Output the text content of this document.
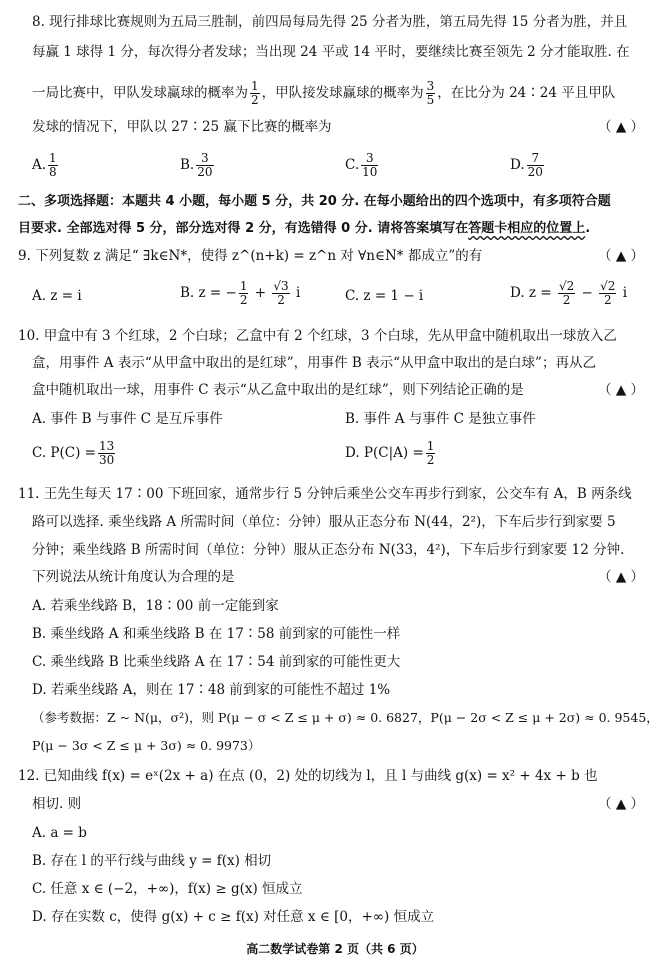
8. 现行排球比赛规则为五局三胜制，前四局每局先得 25 分者为胜，第五局先得 15 分者为胜，并且
每赢 1 球得 1 分，每次得分者发球；当出现 24 平或 14 平时，要继续比赛至领先 2 分才能取胜. 在
一局比赛中，甲队发球赢球的概率为 $\frac{1}{2}$ ，甲队接发球赢球的概率为 $\frac{3}{5}$ ，在比分为 24∶24 平且甲队
发球的情况下，甲队以 27∶25 赢下比赛的概率为	（ ▲ ）
A. $\frac{1}{8}$	B. $\frac{3}{20}$	C. $\frac{3}{10}$	D. $\frac{7}{20}$
二、多项选择题：本题共 4 小题，每小题 5 分，共 20 分. 在每小题给出的四个选项中，有多项符合题
目要求. 全部选对得 5 分，部分选对得 2 分，有选错得 0 分. 请将答案填写在答题卡相应的位置上.
9. 下列复数 z 满足“ ∃k∈N*，使得 z^(n+k) = z^n 对 ∀n∈N* 都成立”的有	（ ▲ ）
A. z = i	B. z = − $\frac{1}{2} + \frac{√3}{2}$ i	C. z = 1 − i	D. $z = \frac{√2}{2} - \frac{√2}{2}$ i
10. 甲盒中有 3 个红球，2 个白球；乙盒中有 2 个红球，3 个白球，先从甲盒中随机取出一球放入乙
盒，用事件 A 表示“从甲盒中取出的是红球”，用事件 B 表示“从甲盒中取出的是白球”；再从乙
盒中随机取出一球，用事件 C 表示“从乙盒中取出的是红球”，则下列结论正确的是	（ ▲ ）
A. 事件 B 与事件 C 是互斥事件	B. 事件 A 与事件 C 是独立事件
C. $P(C) = \frac{13}{30}$	D. $P(C|A) = \frac{1}{2}$
11. 王先生每天 17∶00 下班回家，通常步行 5 分钟后乘坐公交车再步行到家，公交车有 A，B 两条线
路可以选择. 乘坐线路 A 所需时间（单位：分钟）服从正态分布 N(44，2²)，下车后步行到家要 5
分钟；乘坐线路 B 所需时间（单位：分钟）服从正态分布 N(33，4²)，下车后步行到家要 12 分钟.
下列说法从统计角度认为合理的是	（ ▲ ）
A. 若乘坐线路 B，18∶00 前一定能到家
B. 乘坐线路 A 和乘坐线路 B 在 17∶58 前到家的可能性一样
C. 乘坐线路 B 比乘坐线路 A 在 17∶54 前到家的可能性更大
D. 若乘坐线路 A，则在 17∶48 前到家的可能性不超过 1%
（参考数据：Z ~ N(μ，σ²)，则 P(μ − σ < Z ≤ μ + σ) ≈ 0. 6827，P(μ − 2σ < Z ≤ μ + 2σ) ≈ 0. 9545，
P(μ − 3σ < Z ≤ μ + 3σ) ≈ 0. 9973）
12. 已知曲线 f(x) = eˣ(2x + a) 在点 (0，2) 处的切线为 l，且 l 与曲线 g(x) = x² + 4x + b 也
相切. 则	（ ▲ ）
A. a = b
B. 存在 l 的平行线与曲线 y = f(x) 相切
C. 任意 x ∈ (−2，+∞)，f(x) ≥ g(x) 恒成立
D. 存在实数 c，使得 g(x) + c ≥ f(x) 对任意 x ∈ [0，+∞) 恒成立
高二数学试卷第 2 页（共 6 页）
